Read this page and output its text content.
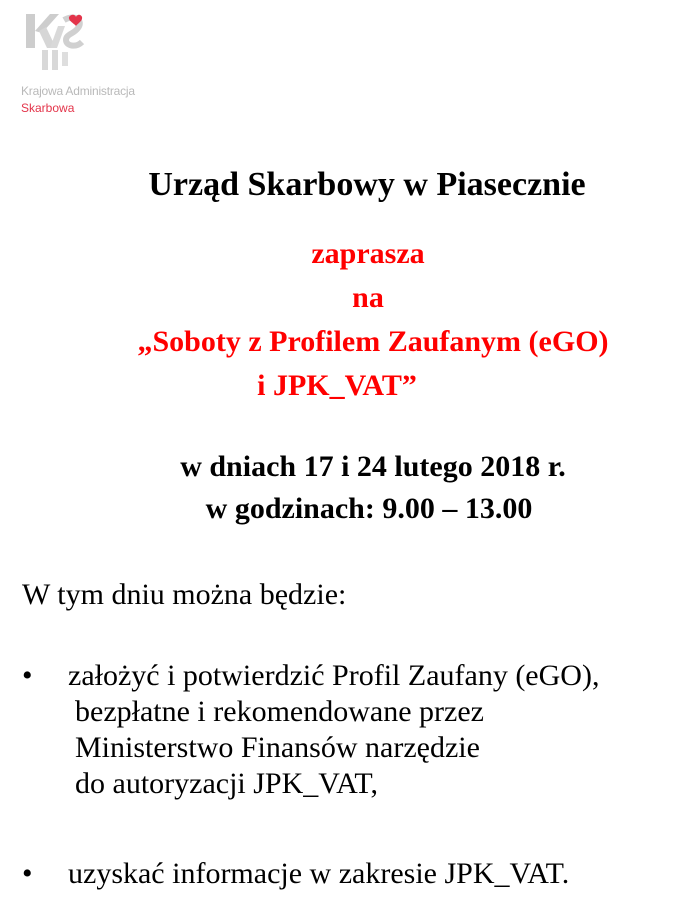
Krajowa Administracja
Skarbowa
Urząd Skarbowy w Piasecznie
zaprasza
na
„Soboty z Profilem Zaufanym (eGO)
i JPK_VAT”
w dniach 17 i 24 lutego 2018 r.
w godzinach: 9.00 – 13.00
W tym dniu można będzie:
•	założyć i potwierdzić Profil Zaufany (eGO),
bezpłatne i rekomendowane przez
Ministerstwo Finansów narzędzie
do autoryzacji JPK_VAT,
•	uzyskać informacje w zakresie JPK_VAT.
